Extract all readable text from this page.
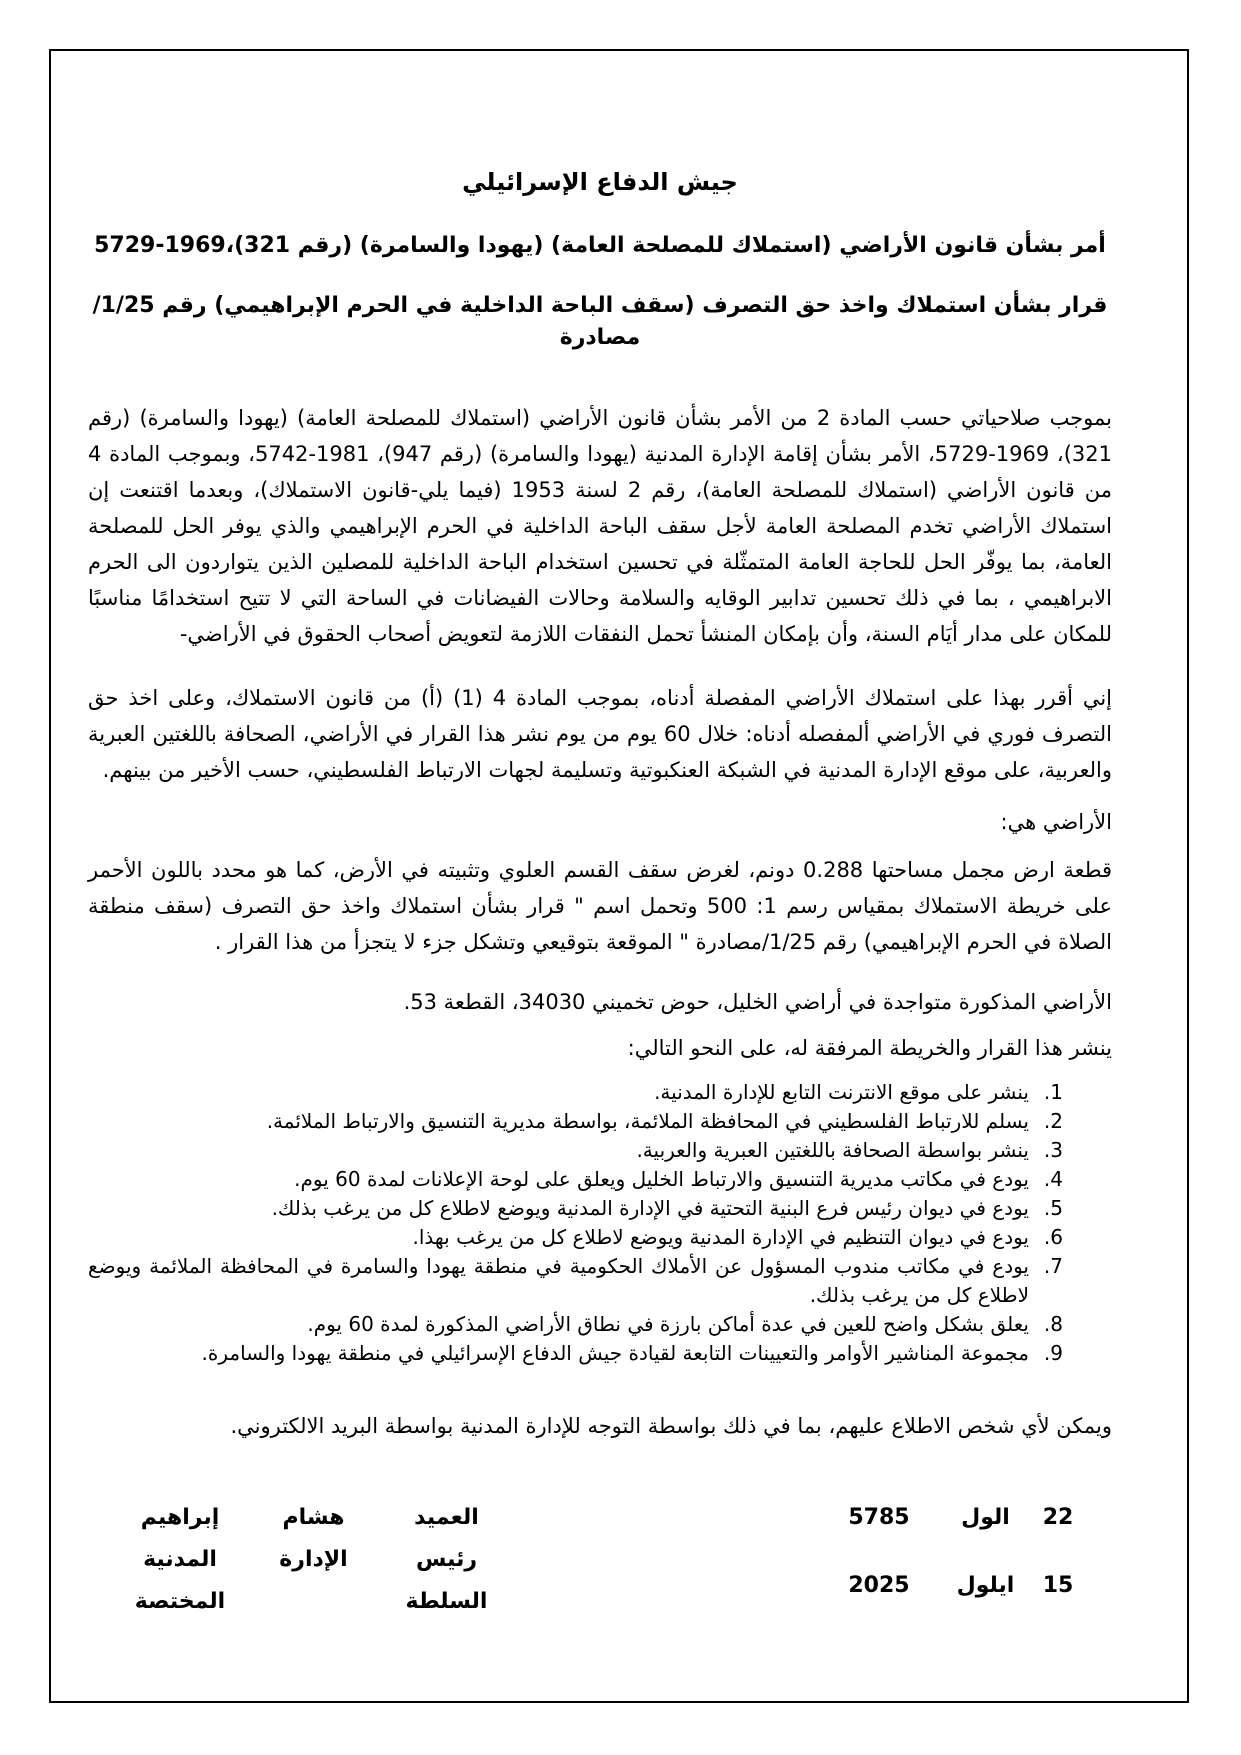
جيش الدفاع الإسرائيلي
أمر بشأن قانون الأراضي (استملاك للمصلحة العامة) (يهودا والسامرة) (رقم 321)،1969-5729
قرار بشأن استملاك واخذ حق التصرف (سقف الباحة الداخلية في الحرم الإبراهيمي) رقم 1/25/مصادرة

بموجب صلاحياتي حسب المادة 2 من الأمر بشأن قانون الأراضي (استملاك للمصلحة العامة) (يهودا والسامرة) (رقم 321)، 1969-5729، الأمر بشأن إقامة الإدارة المدنية (يهودا والسامرة) (رقم 947)، 1981-5742، وبموجب المادة 4 من قانون الأراضي (استملاك للمصلحة العامة)، رقم 2 لسنة 1953 (فيما يلي-قانون الاستملاك)، وبعدما اقتنعت إن استملاك الأراضي تخدم المصلحة العامة لأجل سقف الباحة الداخلية في الحرم الإبراهيمي والذي يوفر الحل للمصلحة العامة، بما يوفّر الحل للحاجة العامة المتمثّلة في تحسين استخدام الباحة الداخلية للمصلين الذين يتواردون الى الحرم الابراهيمي ، بما في ذلك تحسين تدابير الوقايه والسلامة وحالات الفيضانات في الساحة التي لا تتيح استخدامًا مناسبًا للمكان على مدار أيَام السنة، وأن بإمكان المنشأ تحمل النفقات اللازمة لتعويض أصحاب الحقوق في الأراضي-

إني أقرر بهذا على استملاك الأراضي المفصلة أدناه، بموجب المادة 4 (1) (أ) من قانون الاستملاك، وعلى اخذ حق التصرف فوري في الأراضي ألمفصله أدناه: خلال 60 يوم من يوم نشر هذا القرار في الأراضي، الصحافة باللغتين العبرية والعربية، على موقع الإدارة المدنية في الشبكة العنكبوتية وتسليمة لجهات الارتباط الفلسطيني، حسب الأخير من بينهم.

الأراضي هي:

قطعة ارض مجمل مساحتها 0.288 دونم، لغرض سقف القسم العلوي وتثبيته في الأرض، كما هو محدد باللون الأحمر على خريطة الاستملاك بمقياس رسم 1: 500 وتحمل اسم " قرار بشأن استملاك واخذ حق التصرف (سقف منطقة الصلاة في الحرم الإبراهيمي) رقم 1/25/مصادرة " الموقعة بتوقيعي وتشكل جزء لا يتجزأ من هذا القرار .

الأراضي المذكورة متواجدة في أراضي الخليل، حوض تخميني 34030، القطعة 53.

ينشر هذا القرار والخريطة المرفقة له، على النحو التالي:

1.
ينشر على موقع الانترنت التابع للإدارة المدنية.
2.
يسلم للارتباط الفلسطيني في المحافظة الملائمة، بواسطة مديرية التنسيق والارتباط الملائمة.
3.
ينشر بواسطة الصحافة باللغتين العبرية والعربية.
4.
يودع في مكاتب مديرية التنسيق والارتباط الخليل ويعلق على لوحة الإعلانات لمدة 60 يوم.
5.
يودع في ديوان رئيس فرع البنية التحتية في الإدارة المدنية ويوضع لاطلاع كل من يرغب بذلك.
6.
يودع في ديوان التنظيم في الإدارة المدنية ويوضع لاطلاع كل من يرغب بهذا.
7.
يودع في مكاتب مندوب المسؤول عن الأملاك الحكومية في منطقة يهودا والسامرة في المحافظة الملائمة ويوضع لاطلاع كل من يرغب بذلك.
8.
يعلق بشكل واضح للعين في عدة أماكن بارزة في نطاق الأراضي المذكورة لمدة 60 يوم.
9.
مجموعة المناشير الأوامر والتعيينات التابعة لقيادة جيش الدفاع الإسرائيلي في منطقة يهودا والسامرة.

ويمكن لأي شخص الاطلاع عليهم، بما في ذلك بواسطة التوجه للإدارة المدنية بواسطة البريد الالكتروني.

22
الول
5785
15
ايلول
2025
العميد
هشام
إبراهيم
رئيس
الإدارة
المدنية
السلطة
المختصة
